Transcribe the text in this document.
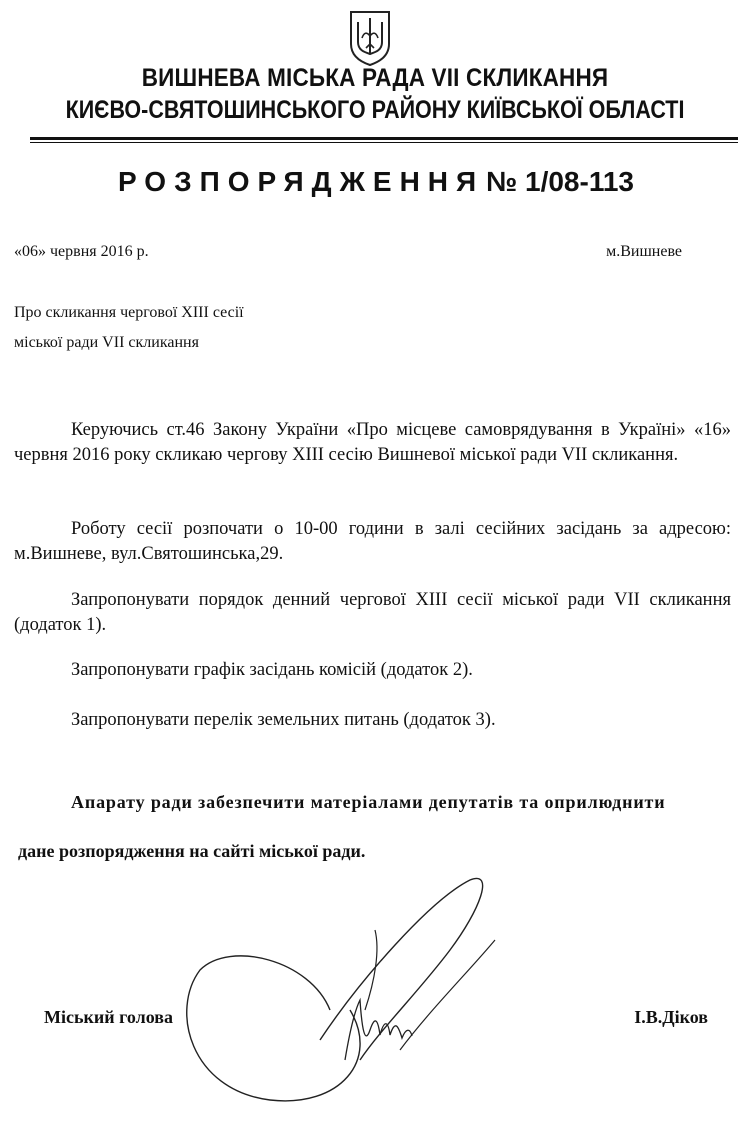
ВИШНЕВА МІСЬКА РАДА VII СКЛИКАННЯ
КИЄВО-СВЯТОШИНСЬКОГО РАЙОНУ КИЇВСЬКОЇ ОБЛАСТІ
РОЗПОРЯДЖЕННЯ № 1/08-113
«06» червня 2016 р.	м.Вишневе
Про скликання чергової XIII сесії
міської ради VII скликання
Керуючись ст.46 Закону України «Про місцеве самоврядування в Україні» «16» червня 2016 року скликаю чергову XIII сесію Вишневої міської ради VII скликання.
Роботу сесії розпочати о 10-00 години в залі сесійних засідань за адресою: м.Вишневе, вул.Святошинська,29.
Запропонувати порядок денний чергової XIII сесії міської ради VII скликання (додаток 1).
Запропонувати графік засідань комісій (додаток 2).
Запропонувати перелік земельних питань (додаток 3).
Апарату ради забезпечити матеріалами депутатів та оприлюднити
дане розпорядження на сайті міської ради.
Міський голова	І.В.Діков
